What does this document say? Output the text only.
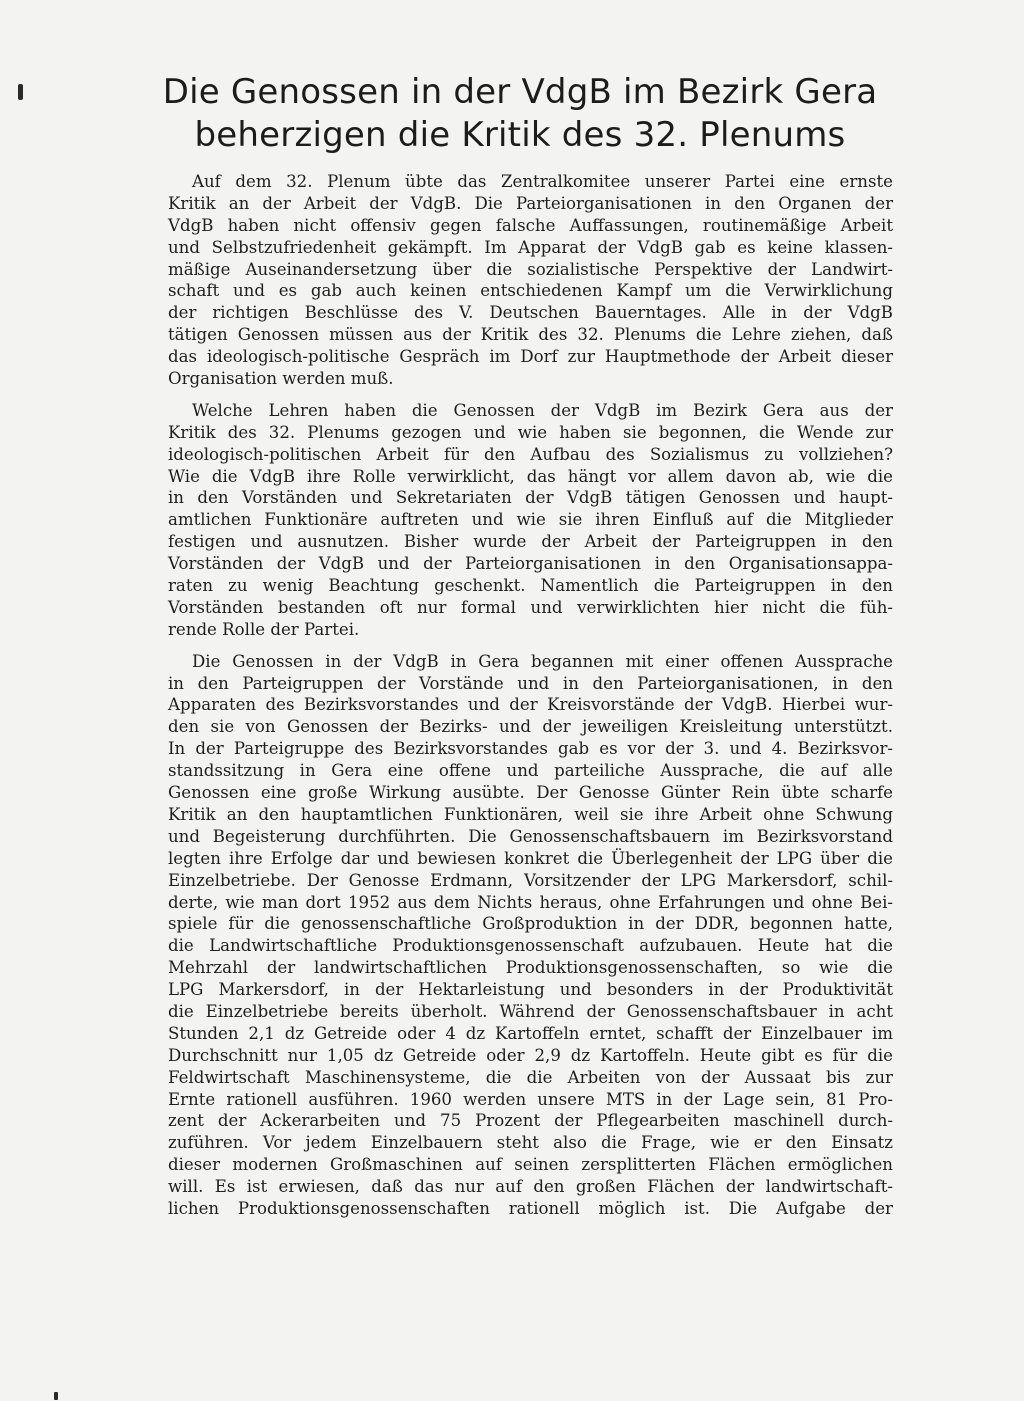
Die Genossen in der VdgB im Bezirk Gera
beherzigen die Kritik des 32. Plenums
Auf dem 32. Plenum übte das Zentralkomitee unserer Partei eine ernste
Kritik an der Arbeit der VdgB. Die Parteiorganisationen in den Organen der
VdgB haben nicht offensiv gegen falsche Auffassungen, routinemäßige Arbeit
und Selbstzufriedenheit gekämpft. Im Apparat der VdgB gab es keine klassen-
mäßige Auseinandersetzung über die sozialistische Perspektive der Landwirt-
schaft und es gab auch keinen entschiedenen Kampf um die Verwirklichung
der richtigen Beschlüsse des V. Deutschen Bauerntages. Alle in der VdgB
tätigen Genossen müssen aus der Kritik des 32. Plenums die Lehre ziehen, daß
das ideologisch-politische Gespräch im Dorf zur Hauptmethode der Arbeit dieser
Organisation werden muß.
Welche Lehren haben die Genossen der VdgB im Bezirk Gera aus der
Kritik des 32. Plenums gezogen und wie haben sie begonnen, die Wende zur
ideologisch-politischen Arbeit für den Aufbau des Sozialismus zu vollziehen?
Wie die VdgB ihre Rolle verwirklicht, das hängt vor allem davon ab, wie die
in den Vorständen und Sekretariaten der VdgB tätigen Genossen und haupt-
amtlichen Funktionäre auftreten und wie sie ihren Einfluß auf die Mitglieder
festigen und ausnutzen. Bisher wurde der Arbeit der Parteigruppen in den
Vorständen der VdgB und der Parteiorganisationen in den Organisationsappa-
raten zu wenig Beachtung geschenkt. Namentlich die Parteigruppen in den
Vorständen bestanden oft nur formal und verwirklichten hier nicht die füh-
rende Rolle der Partei.
Die Genossen in der VdgB in Gera begannen mit einer offenen Aussprache
in den Parteigruppen der Vorstände und in den Parteiorganisationen, in den
Apparaten des Bezirksvorstandes und der Kreisvorstände der VdgB. Hierbei wur-
den sie von Genossen der Bezirks- und der jeweiligen Kreisleitung unterstützt.
In der Parteigruppe des Bezirksvorstandes gab es vor der 3. und 4. Bezirksvor-
standssitzung in Gera eine offene und parteiliche Aussprache, die auf alle
Genossen eine große Wirkung ausübte. Der Genosse Günter Rein übte scharfe
Kritik an den hauptamtlichen Funktionären, weil sie ihre Arbeit ohne Schwung
und Begeisterung durchführten. Die Genossenschaftsbauern im Bezirksvorstand
legten ihre Erfolge dar und bewiesen konkret die Überlegenheit der LPG über die
Einzelbetriebe. Der Genosse Erdmann, Vorsitzender der LPG Markersdorf, schil-
derte, wie man dort 1952 aus dem Nichts heraus, ohne Erfahrungen und ohne Bei-
spiele für die genossenschaftliche Großproduktion in der DDR, begonnen hatte,
die Landwirtschaftliche Produktionsgenossenschaft aufzubauen. Heute hat die
Mehrzahl der landwirtschaftlichen Produktionsgenossenschaften, so wie die
LPG Markersdorf, in der Hektarleistung und besonders in der Produktivität
die Einzelbetriebe bereits überholt. Während der Genossenschaftsbauer in acht
Stunden 2,1 dz Getreide oder 4 dz Kartoffeln erntet, schafft der Einzelbauer im
Durchschnitt nur 1,05 dz Getreide oder 2,9 dz Kartoffeln. Heute gibt es für die
Feldwirtschaft Maschinensysteme, die die Arbeiten von der Aussaat bis zur
Ernte rationell ausführen. 1960 werden unsere MTS in der Lage sein, 81 Pro-
zent der Ackerarbeiten und 75 Prozent der Pflegearbeiten maschinell durch-
zuführen. Vor jedem Einzelbauern steht also die Frage, wie er den Einsatz
dieser modernen Großmaschinen auf seinen zersplitterten Flächen ermöglichen
will. Es ist erwiesen, daß das nur auf den großen Flächen der landwirtschaft-
lichen Produktionsgenossenschaften rationell möglich ist. Die Aufgabe der
